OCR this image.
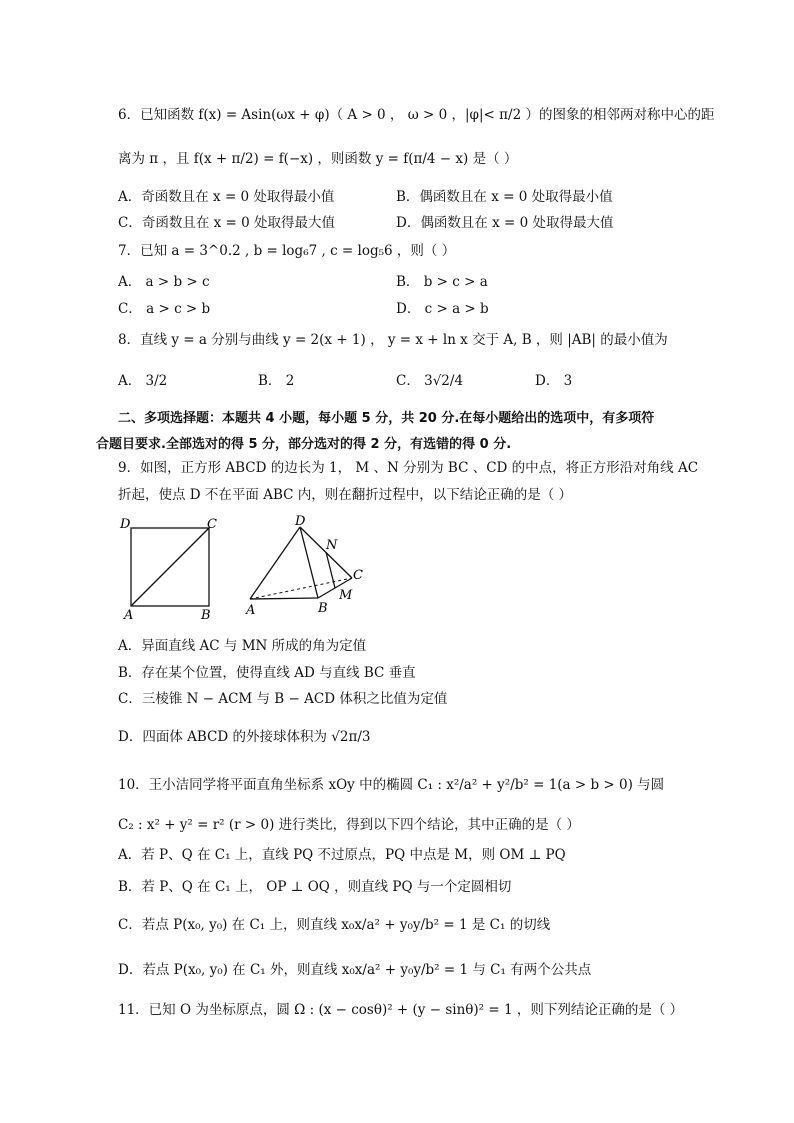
6．已知函数 f(x) = Asin(ωx + φ)（ A > 0 ， ω > 0 ，|φ|< π/2 ）的图象的相邻两对称中心的距
离为 π ，且 f(x + π/2) = f(−x) ，则函数 y = f(π/4 − x) 是（ ）
A．奇函数且在 x = 0 处取得最小值	B．偶函数且在 x = 0 处取得最小值
C．奇函数且在 x = 0 处取得最大值	D．偶函数且在 x = 0 处取得最大值
7．已知 a = 3^0.2 , b = log₆7 , c = log₅6 ，则（ ）
A． a > b > c	B． b > c > a
C． a > c > b	D． c > a > b
8．直线 y = a 分别与曲线 y = 2(x + 1) ， y = x + ln x 交于 A, B ，则 |AB| 的最小值为
A． 3/2	B． 2	C． 3√2/4	D． 3
二、多项选择题：本题共 4 小题，每小题 5 分，共 20 分.在每小题给出的选项中，有多项符
合题目要求.全部选对的得 5 分，部分选对的得 2 分，有选错的得 0 分.
9．如图，正方形 ABCD 的边长为 1， M 、N 分别为 BC 、CD 的中点，将正方形沿对角线 AC
折起，使点 D 不在平面 ABC 内，则在翻折过程中，以下结论正确的是（ ）
D	C
A	B
D
N
C
M
A	B
A．异面直线 AC 与 MN 所成的角为定值
B．存在某个位置，使得直线 AD 与直线 BC 垂直
C．三棱锥 N − ACM 与 B − ACD 体积之比值为定值
D．四面体 ABCD 的外接球体积为 √2π/3
10．王小洁同学将平面直角坐标系 xOy 中的椭圆 C₁ : x²/a² + y²/b² = 1(a > b > 0) 与圆
C₂ : x² + y² = r² (r > 0) 进行类比，得到以下四个结论，其中正确的是（ ）
A．若 P、Q 在 C₁ 上，直线 PQ 不过原点，PQ 中点是 M，则 OM ⊥ PQ
B．若 P、Q 在 C₁ 上， OP ⊥ OQ ，则直线 PQ 与一个定圆相切
C．若点 P(x₀, y₀) 在 C₁ 上，则直线 x₀x/a² + y₀y/b² = 1 是 C₁ 的切线
D．若点 P(x₀, y₀) 在 C₁ 外，则直线 x₀x/a² + y₀y/b² = 1 与 C₁ 有两个公共点
11．已知 O 为坐标原点，圆 Ω : (x − cosθ)² + (y − sinθ)² = 1 ，则下列结论正确的是（ ）
